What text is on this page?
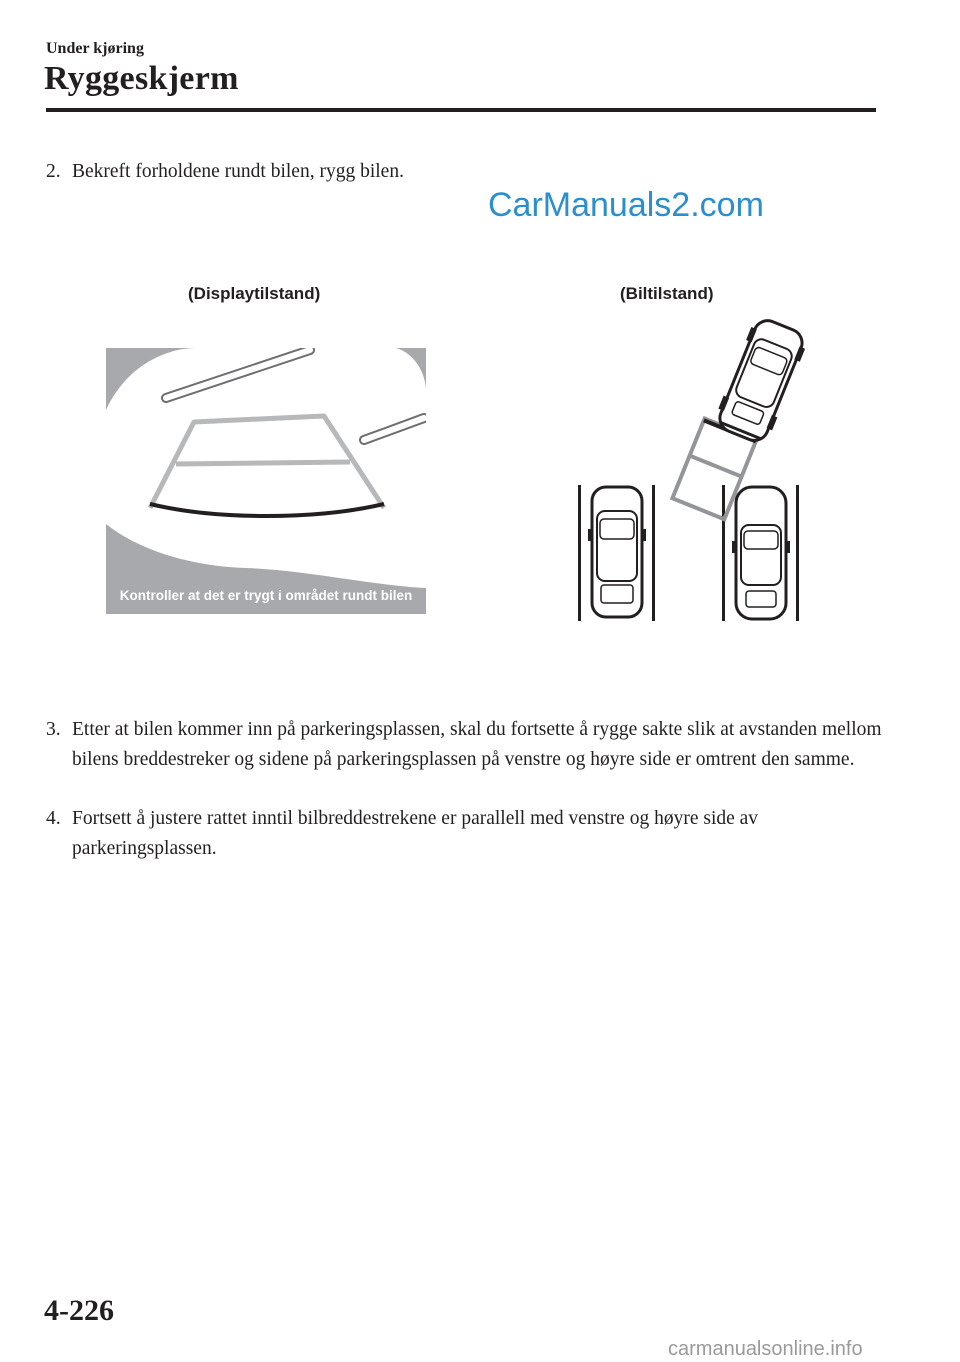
Under kjøring
Ryggeskjerm
2. Bekreft forholdene rundt bilen, rygg bilen.
CarManuals2.com
(Displaytilstand)	(Biltilstand)
Kontroller at det er trygt i området rundt bilen
3. Etter at bilen kommer inn på parkeringsplassen, skal du fortsette å rygge sakte slik at avstanden mellom bilens breddestreker og sidene på parkeringsplassen på venstre og høyre side er omtrent den samme.
4. Fortsett å justere rattet inntil bilbreddestrekene er parallell med venstre og høyre side av parkeringsplassen.
4-226
carmanualsonline.info
